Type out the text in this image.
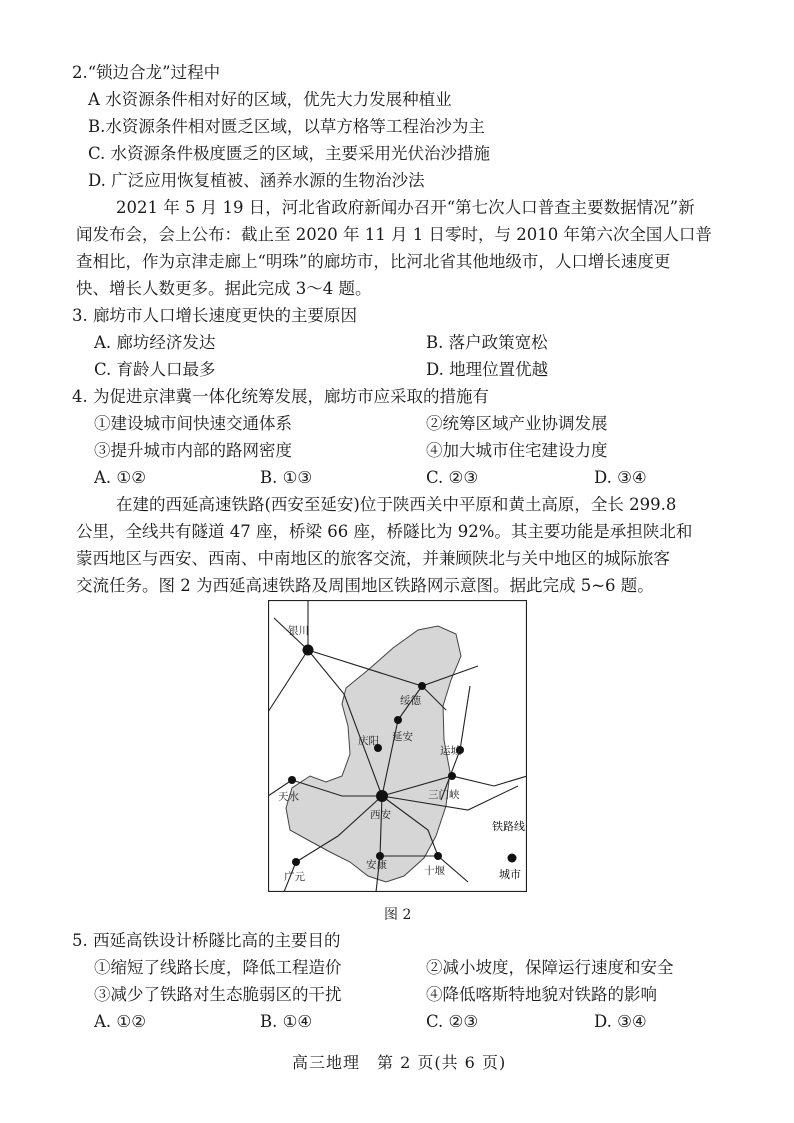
2.“锁边合龙”过程中
A 水资源条件相对好的区域，优先大力发展种植业
B.水资源条件相对匮乏区域，以草方格等工程治沙为主
C. 水资源条件极度匮乏的区域，主要采用光伏治沙措施
D. 广泛应用恢复植被、涵养水源的生物治沙法
2021 年 5 月 19 日，河北省政府新闻办召开“第七次人口普查主要数据情况”新
闻发布会，会上公布：截止至 2020 年 11 月 1 日零时，与 2010 年第六次全国人口普
查相比，作为京津走廊上“明珠”的廊坊市，比河北省其他地级市，人口增长速度更
快、增长人数更多。据此完成 3～4 题。
3. 廊坊市人口增长速度更快的主要原因
A. 廊坊经济发达	B. 落户政策宽松
C. 育龄人口最多	D. 地理位置优越
4. 为促进京津冀一体化统筹发展，廊坊市应采取的措施有
①建设城市间快速交通体系	②统筹区域产业协调发展
③提升城市内部的路网密度	④加大城市住宅建设力度
A. ①②	B. ①③	C. ②③	D. ③④
在建的西延高速铁路(西安至延安)位于陕西关中平原和黄土高原，全长 299.8
公里，全线共有隧道 47 座，桥梁 66 座，桥隧比为 92%。其主要功能是承担陕北和
蒙西地区与西安、西南、中南地区的旅客交流，并兼顾陕北与关中地区的城际旅客
交流任务。图 2 为西延高速铁路及周围地区铁路网示意图。据此完成 5~6 题。
银川
绥德
延安
庆阳
运城
天水
西安
三门峡
广元
安康	十堰
铁路线
城市
图 2
5. 西延高铁设计桥隧比高的主要目的
①缩短了线路长度，降低工程造价	②减小坡度，保障运行速度和安全
③减少了铁路对生态脆弱区的干扰	④降低喀斯特地貌对铁路的影响
A. ①②	B. ①④	C. ②③	D. ③④
高三地理　第 2 页(共 6 页)
